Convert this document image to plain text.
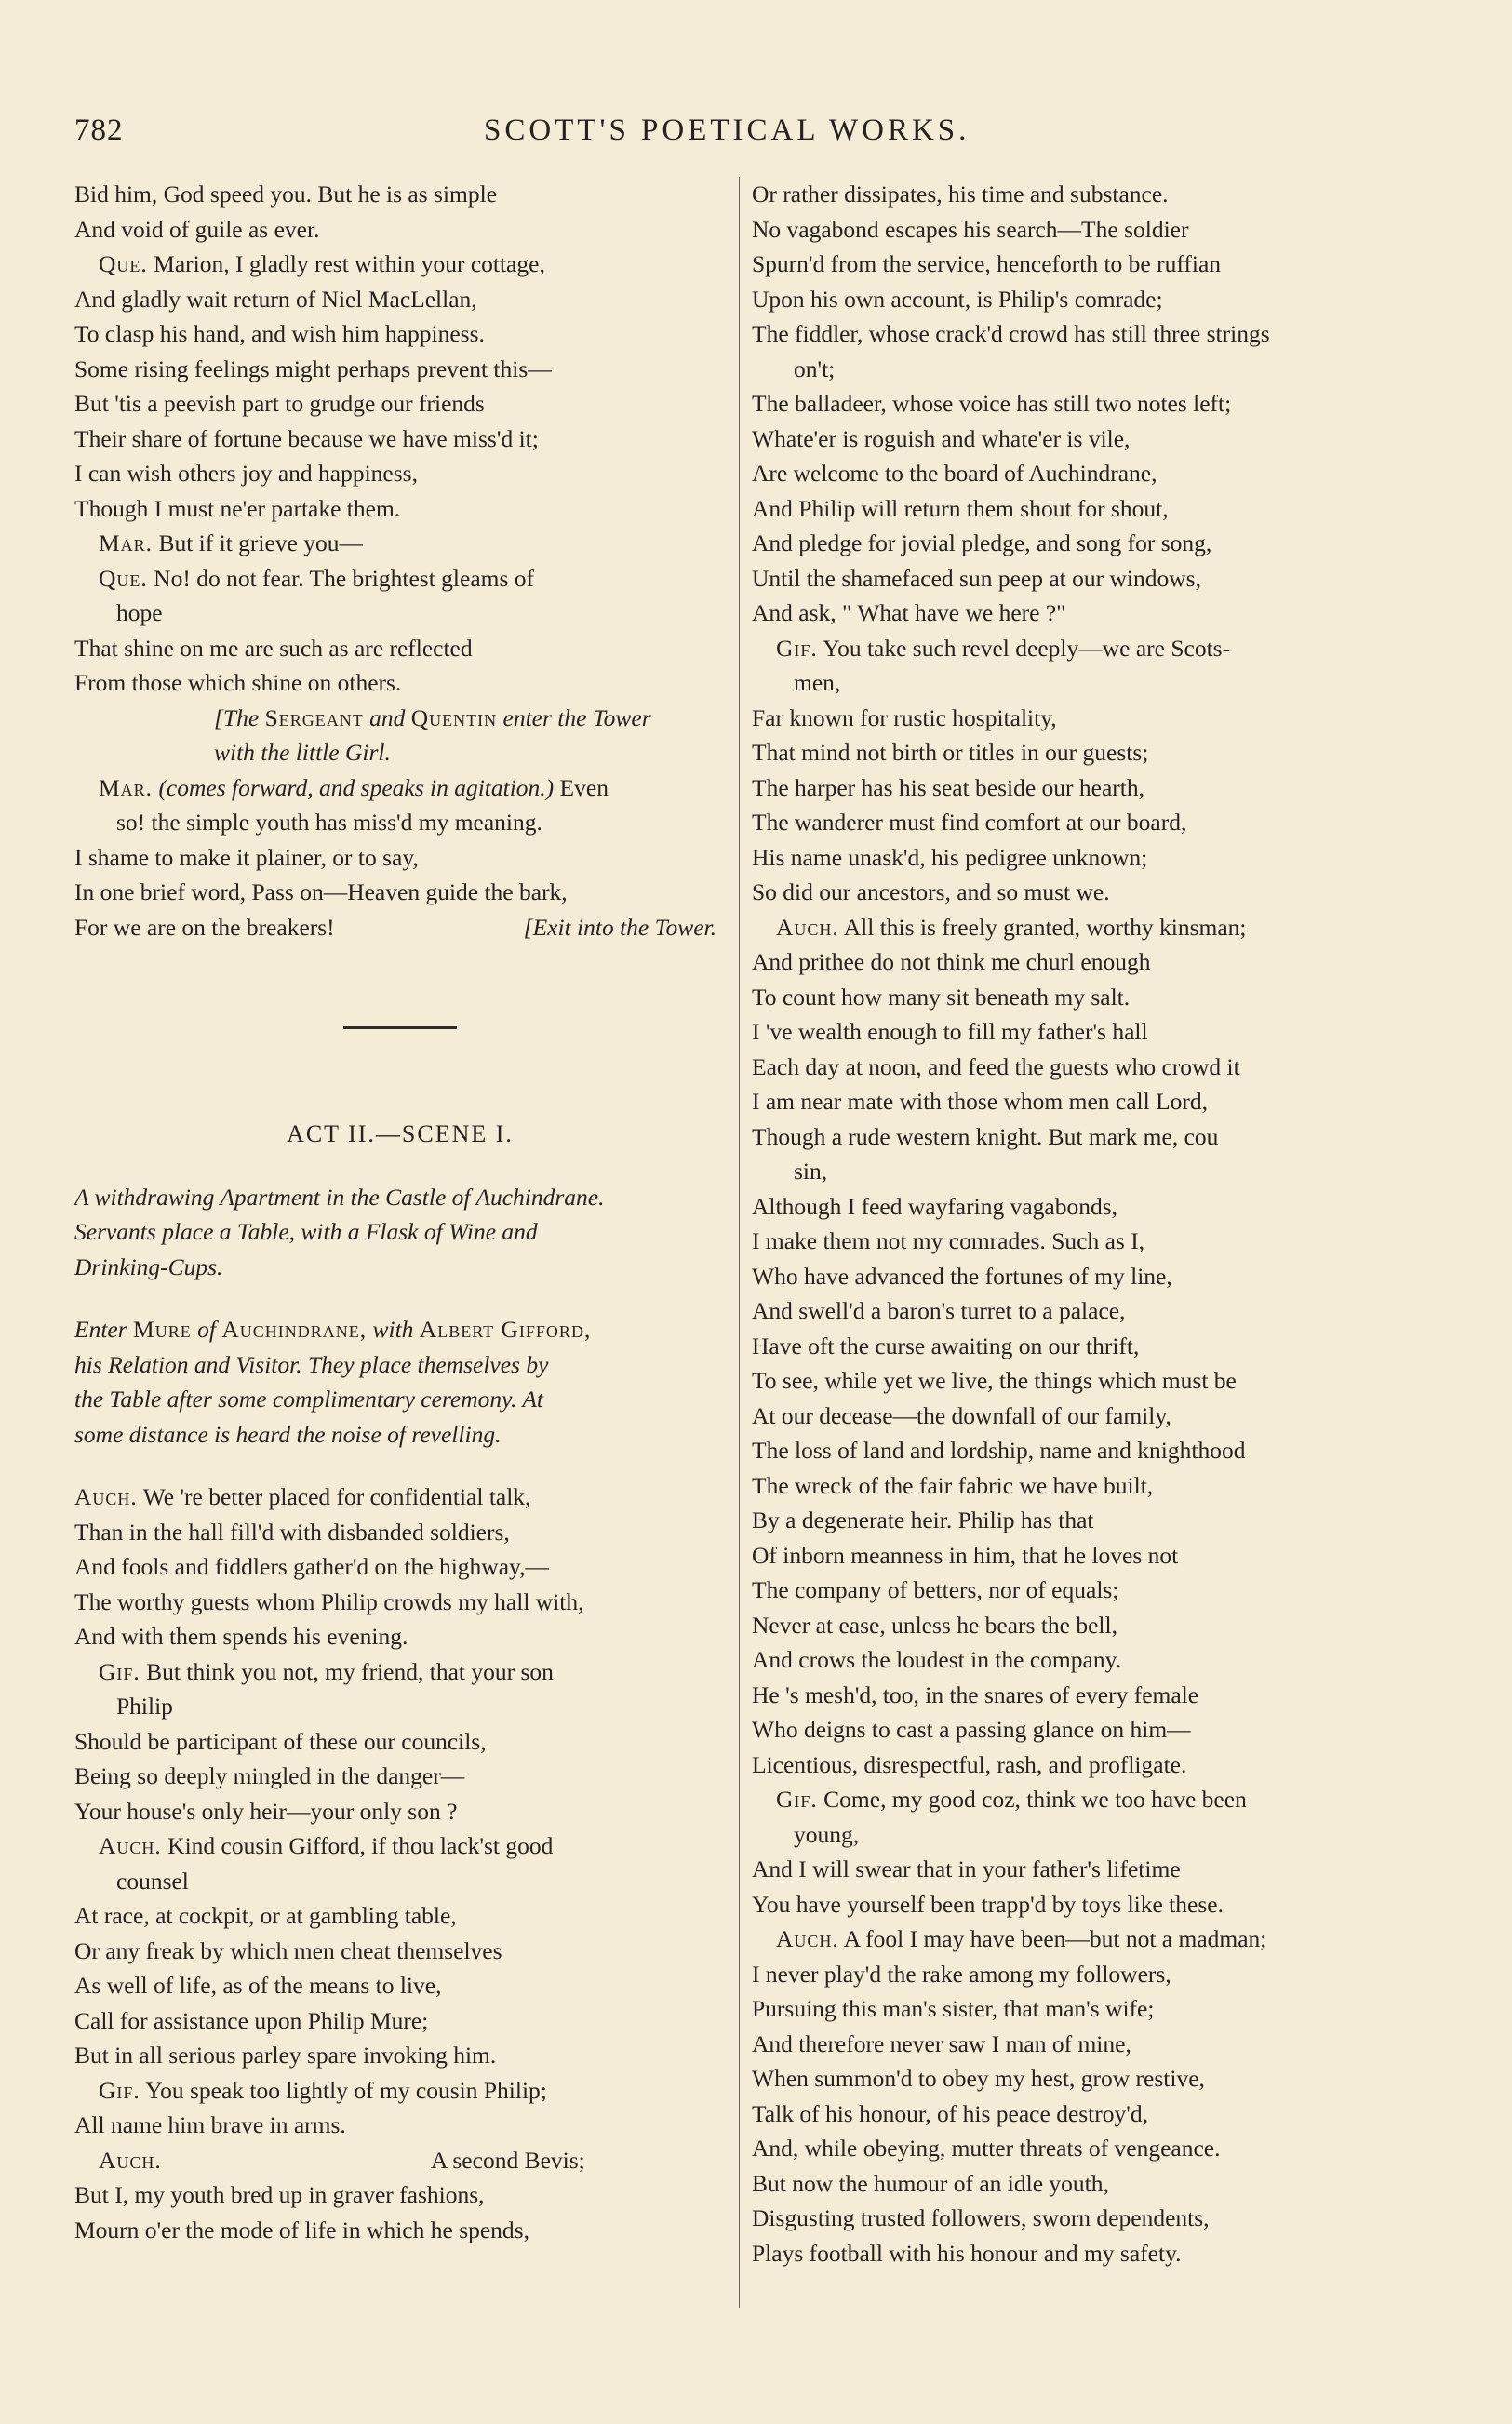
782	SCOTT'S POETICAL WORKS.
Bid him, God speed you. But he is as simple
And void of guile as ever.
Que. Marion, I gladly rest within your cottage,
And gladly wait return of Niel MacLellan,
To clasp his hand, and wish him happiness.
Some rising feelings might perhaps prevent this—
But 'tis a peevish part to grudge our friends
Their share of fortune because we have miss'd it;
I can wish others joy and happiness,
Though I must ne'er partake them.
Mar. But if it grieve you—
Que. No! do not fear. The brightest gleams of
hope
That shine on me are such as are reflected
From those which shine on others.
[The Sergeant and Quentin enter the Tower
with the little Girl.
Mar. (comes forward, and speaks in agitation.) Even
so! the simple youth has miss'd my meaning.
I shame to make it plainer, or to say,
In one brief word, Pass on—Heaven guide the bark,
For we are on the breakers!	[Exit into the Tower.
ACT II.—SCENE I.
A withdrawing Apartment in the Castle of Auchindrane.
Servants place a Table, with a Flask of Wine and
Drinking-Cups.
Enter Mure of Auchindrane, with Albert Gifford,
his Relation and Visitor. They place themselves by
the Table after some complimentary ceremony. At
some distance is heard the noise of revelling.
Auch. We 're better placed for confidential talk,
Than in the hall fill'd with disbanded soldiers,
And fools and fiddlers gather'd on the highway,—
The worthy guests whom Philip crowds my hall with,
And with them spends his evening.
Gif. But think you not, my friend, that your son
Philip
Should be participant of these our councils,
Being so deeply mingled in the danger—
Your house's only heir—your only son ?
Auch. Kind cousin Gifford, if thou lack'st good
counsel
At race, at cockpit, or at gambling table,
Or any freak by which men cheat themselves
As well of life, as of the means to live,
Call for assistance upon Philip Mure;
But in all serious parley spare invoking him.
Gif. You speak too lightly of my cousin Philip;
All name him brave in arms.
Auch.	A second Bevis;
But I, my youth bred up in graver fashions,
Mourn o'er the mode of life in which he spends,
Or rather dissipates, his time and substance.
No vagabond escapes his search—The soldier
Spurn'd from the service, henceforth to be ruffian
Upon his own account, is Philip's comrade;
The fiddler, whose crack'd crowd has still three strings
on't;
The balladeer, whose voice has still two notes left;
Whate'er is roguish and whate'er is vile,
Are welcome to the board of Auchindrane,
And Philip will return them shout for shout,
And pledge for jovial pledge, and song for song,
Until the shamefaced sun peep at our windows,
And ask, " What have we here ?"
Gif. You take such revel deeply—we are Scots-
men,
Far known for rustic hospitality,
That mind not birth or titles in our guests;
The harper has his seat beside our hearth,
The wanderer must find comfort at our board,
His name unask'd, his pedigree unknown;
So did our ancestors, and so must we.
Auch. All this is freely granted, worthy kinsman;
And prithee do not think me churl enough
To count how many sit beneath my salt.
I 've wealth enough to fill my father's hall
Each day at noon, and feed the guests who crowd it
I am near mate with those whom men call Lord,
Though a rude western knight. But mark me, cou
sin,
Although I feed wayfaring vagabonds,
I make them not my comrades. Such as I,
Who have advanced the fortunes of my line,
And swell'd a baron's turret to a palace,
Have oft the curse awaiting on our thrift,
To see, while yet we live, the things which must be
At our decease—the downfall of our family,
The loss of land and lordship, name and knighthood
The wreck of the fair fabric we have built,
By a degenerate heir. Philip has that
Of inborn meanness in him, that he loves not
The company of betters, nor of equals;
Never at ease, unless he bears the bell,
And crows the loudest in the company.
He 's mesh'd, too, in the snares of every female
Who deigns to cast a passing glance on him—
Licentious, disrespectful, rash, and profligate.
Gif. Come, my good coz, think we too have been
young,
And I will swear that in your father's lifetime
You have yourself been trapp'd by toys like these.
Auch. A fool I may have been—but not a madman;
I never play'd the rake among my followers,
Pursuing this man's sister, that man's wife;
And therefore never saw I man of mine,
When summon'd to obey my hest, grow restive,
Talk of his honour, of his peace destroy'd,
And, while obeying, mutter threats of vengeance.
But now the humour of an idle youth,
Disgusting trusted followers, sworn dependents,
Plays football with his honour and my safety.
